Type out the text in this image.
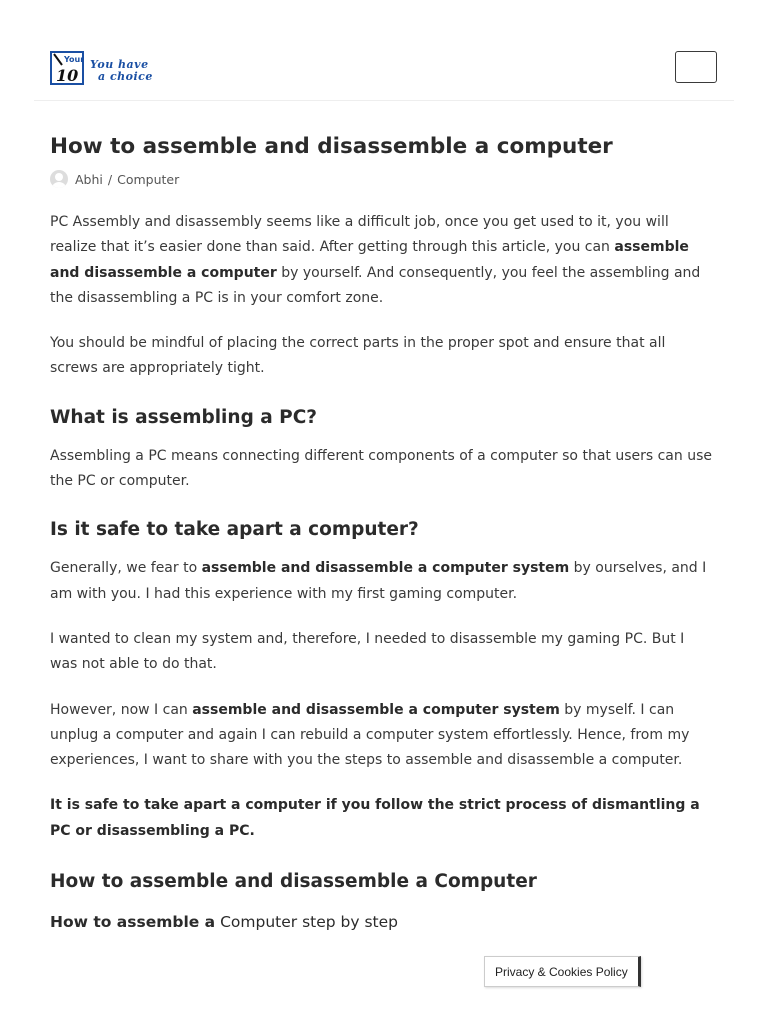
Your
10
You have
a choice
How to assemble and disassemble a computer
Abhi / Computer

PC Assembly and disassembly seems like a difficult job, once you get used to it, you will realize that it’s easier done than said. After getting through this article, you can assemble and disassemble a computer by yourself. And consequently, you feel the assembling and the disassembling a PC is in your comfort zone.

You should be mindful of placing the correct parts in the proper spot and ensure that all screws are appropriately tight.

What is assembling a PC?

Assembling a PC means connecting different components of a computer so that users can use the PC or computer.

Is it safe to take apart a computer?

Generally, we fear to assemble and disassemble a computer system by ourselves, and I am with you. I had this experience with my first gaming computer.

I wanted to clean my system and, therefore, I needed to disassemble my gaming PC. But I was not able to do that.

However, now I can assemble and disassemble a computer system by myself. I can unplug a computer and again I can rebuild a computer system effortlessly. Hence, from my experiences, I want to share with you the steps to assemble and disassemble a computer.

It is safe to take apart a computer if you follow the strict process of dismantling a PC or disassembling a PC.

How to assemble and disassemble a Computer
How to assemble a Computer step by step
Privacy & Cookies Policy
